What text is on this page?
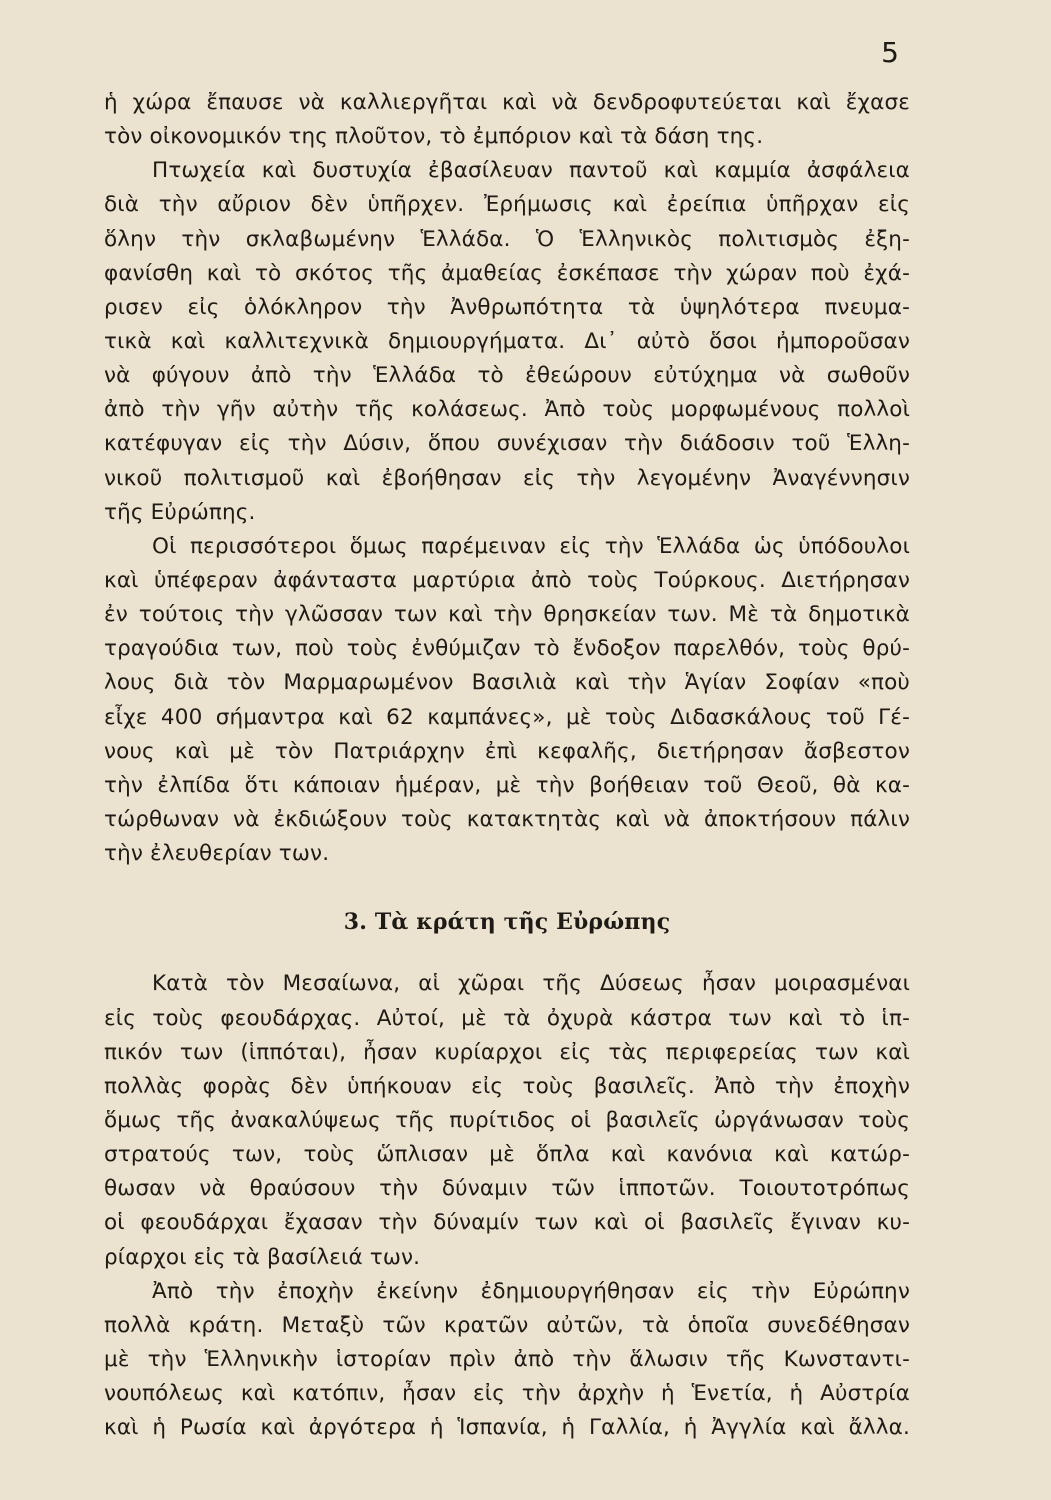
5
ἡ χώρα ἔπαυσε νὰ καλλιεργῆται καὶ νὰ δενδροφυτεύεται καὶ ἔχασε
τὸν οἰκονομικόν της πλοῦτον, τὸ ἐμπόριον καὶ τὰ δάση της.
Πτωχεία καὶ δυστυχία ἐβασίλευαν παντοῦ καὶ καμμία ἀσφάλεια
διὰ τὴν αὔριον δὲν ὑπῆρχεν. Ἐρήμωσις καὶ ἐρείπια ὑπῆρχαν εἰς
ὅλην τὴν σκλαβωμένην Ἑλλάδα. Ὁ Ἑλληνικὸς πολιτισμὸς ἐξη-
φανίσθη καὶ τὸ σκότος τῆς ἀμαθείας ἐσκέπασε τὴν χώραν ποὺ ἐχά-
ρισεν εἰς ὁλόκληρον τὴν Ἀνθρωπότητα τὰ ὑψηλότερα πνευμα-
τικὰ καὶ καλλιτεχνικὰ δημιουργήματα. Δι᾽ αὐτὸ ὅσοι ἠμποροῦσαν
νὰ φύγουν ἀπὸ τὴν Ἑλλάδα τὸ ἐθεώρουν εὐτύχημα νὰ σωθοῦν
ἀπὸ τὴν γῆν αὐτὴν τῆς κολάσεως. Ἀπὸ τοὺς μορφωμένους πολλοὶ
κατέφυγαν εἰς τὴν Δύσιν, ὅπου συνέχισαν τὴν διάδοσιν τοῦ Ἑλλη-
νικοῦ πολιτισμοῦ καὶ ἐβοήθησαν εἰς τὴν λεγομένην Ἀναγέννησιν
τῆς Εὐρώπης.
Οἱ περισσότεροι ὅμως παρέμειναν εἰς τὴν Ἑλλάδα ὡς ὑπόδουλοι
καὶ ὑπέφεραν ἀφάνταστα μαρτύρια ἀπὸ τοὺς Τούρκους. Διετήρησαν
ἐν τούτοις τὴν γλῶσσαν των καὶ τὴν θρησκείαν των. Μὲ τὰ δημοτικὰ
τραγούδια των, ποὺ τοὺς ἐνθύμιζαν τὸ ἔνδοξον παρελθόν, τοὺς θρύ-
λους διὰ τὸν Μαρμαρωμένον Βασιλιὰ καὶ τὴν Ἁγίαν Σοφίαν «ποὺ
εἶχε 400 σήμαντρα καὶ 62 καμπάνες», μὲ τοὺς Διδασκάλους τοῦ Γέ-
νους καὶ μὲ τὸν Πατριάρχην ἐπὶ κεφαλῆς, διετήρησαν ἄσβεστον
τὴν ἐλπίδα ὅτι κάποιαν ἡμέραν, μὲ τὴν βοήθειαν τοῦ Θεοῦ, θὰ κα-
τώρθωναν νὰ ἐκδιώξουν τοὺς κατακτητὰς καὶ νὰ ἀποκτήσουν πάλιν
τὴν ἐλευθερίαν των.
3. Τὰ κράτη τῆς Εὐρώπης
Κατὰ τὸν Μεσαίωνα, αἱ χῶραι τῆς Δύσεως ἦσαν μοιρασμέναι
εἰς τοὺς φεουδάρχας. Αὐτοί, μὲ τὰ ὀχυρὰ κάστρα των καὶ τὸ ἱπ-
πικόν των (ἱππόται), ἦσαν κυρίαρχοι εἰς τὰς περιφερείας των καὶ
πολλὰς φορὰς δὲν ὑπήκουαν εἰς τοὺς βασιλεῖς. Ἀπὸ τὴν ἐποχὴν
ὅμως τῆς ἀνακαλύψεως τῆς πυρίτιδος οἱ βασιλεῖς ὠργάνωσαν τοὺς
στρατούς των, τοὺς ὥπλισαν μὲ ὅπλα καὶ κανόνια καὶ κατώρ-
θωσαν νὰ θραύσουν τὴν δύναμιν τῶν ἱπποτῶν. Τοιουτοτρόπως
οἱ φεουδάρχαι ἔχασαν τὴν δύναμίν των καὶ οἱ βασιλεῖς ἔγιναν κυ-
ρίαρχοι εἰς τὰ βασίλειά των.
Ἀπὸ τὴν ἐποχὴν ἐκείνην ἐδημιουργήθησαν εἰς τὴν Εὐρώπην
πολλὰ κράτη. Μεταξὺ τῶν κρατῶν αὐτῶν, τὰ ὁποῖα συνεδέθησαν
μὲ τὴν Ἑλληνικὴν ἱστορίαν πρὶν ἀπὸ τὴν ἅλωσιν τῆς Κωνσταντι-
νουπόλεως καὶ κατόπιν, ἦσαν εἰς τὴν ἀρχὴν ἡ Ἑνετία, ἡ Αὐστρία
καὶ ἡ Ρωσία καὶ ἀργότερα ἡ Ἱσπανία, ἡ Γαλλία, ἡ Ἀγγλία καὶ ἄλλα.
